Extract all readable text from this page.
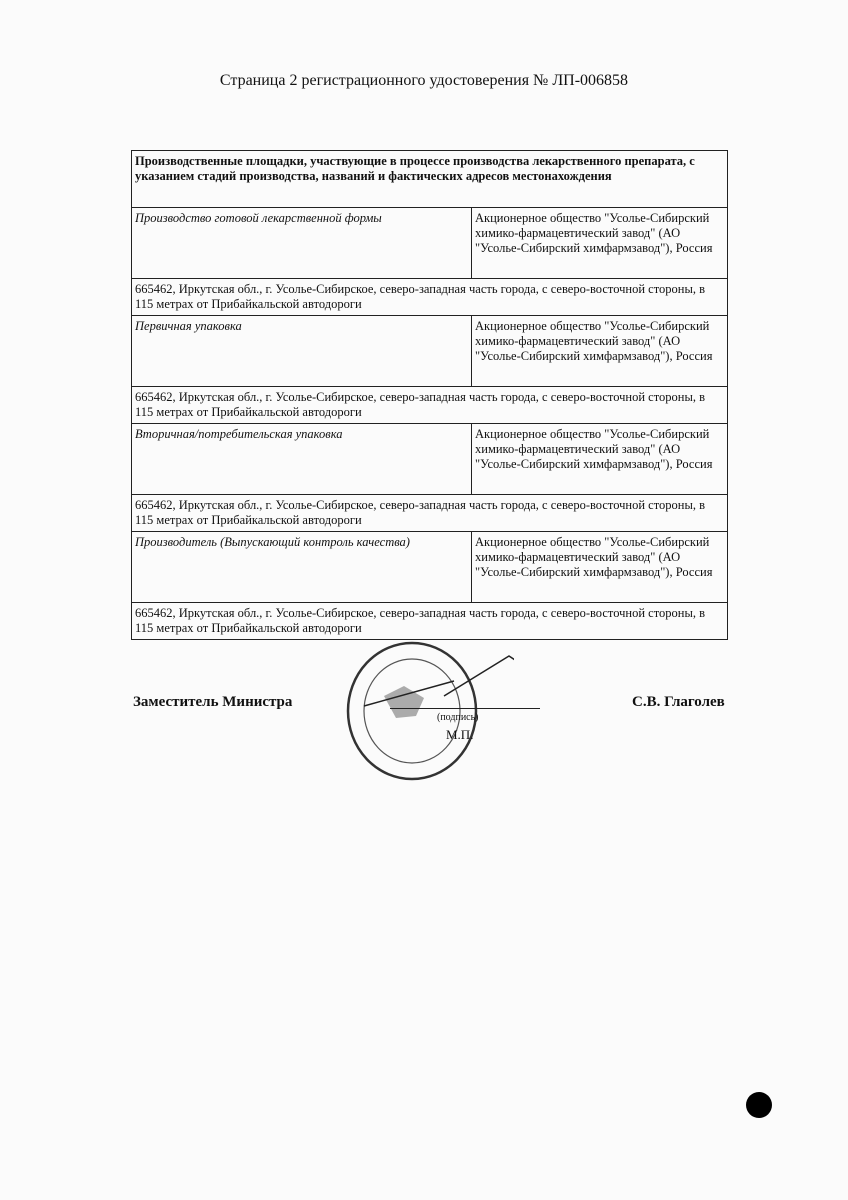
Страница 2 регистрационного удостоверения № ЛП-006858
Производственные площадки, участвующие в процессе производства лекарственного препарата, с указанием стадий производства, названий и фактических адресов местонахождения	
Производство готовой лекарственной формы	Акционерное общество "Усолье-Сибирский химико-фармацевтический завод" (АО "Усолье-Сибирский химфармзавод"), Россия
665462, Иркутская обл., г. Усолье-Сибирское, северо-западная часть города, с северо-восточной стороны, в 115 метрах от Прибайкальской автодороги	
Первичная упаковка	Акционерное общество "Усолье-Сибирский химико-фармацевтический завод" (АО "Усолье-Сибирский химфармзавод"), Россия
665462, Иркутская обл., г. Усолье-Сибирское, северо-западная часть города, с северо-восточной стороны, в 115 метрах от Прибайкальской автодороги	
Вторичная/потребительская упаковка	Акционерное общество "Усолье-Сибирский химико-фармацевтический завод" (АО "Усолье-Сибирский химфармзавод"), Россия
665462, Иркутская обл., г. Усолье-Сибирское, северо-западная часть города, с северо-восточной стороны, в 115 метрах от Прибайкальской автодороги	
Производитель (Выпускающий контроль качества)	Акционерное общество "Усолье-Сибирский химико-фармацевтический завод" (АО "Усолье-Сибирский химфармзавод"), Россия
665462, Иркутская обл., г. Усолье-Сибирское, северо-западная часть города, с северо-восточной стороны, в 115 метрах от Прибайкальской автодороги	
Заместитель Министра
(подпись)
М.П.
С.В. Глаголев
